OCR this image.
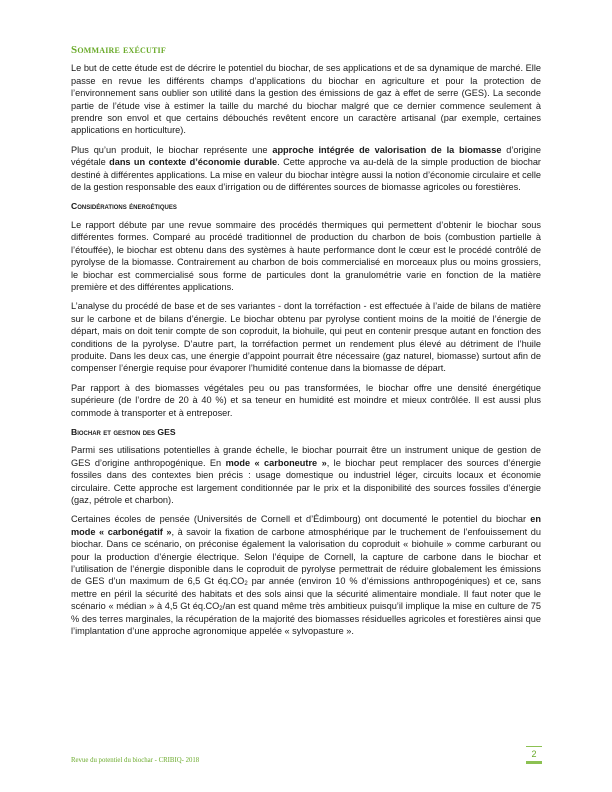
Sommaire exécutif

Le but de cette étude est de décrire le potentiel du biochar, de ses applications et de sa dynamique de marché. Elle passe en revue les différents champs d’applications du biochar en agriculture et pour la protection de l’environnement sans oublier son utilité dans la gestion des émissions de gaz à effet de serre (GES). La seconde partie de l’étude vise à estimer la taille du marché du biochar malgré que ce dernier commence seulement à prendre son envol et que certains débouchés revêtent encore un caractère artisanal (par exemple, certaines applications en horticulture).

Plus qu’un produit, le biochar représente une approche intégrée de valorisation de la biomasse d’origine végétale dans un contexte d’économie durable. Cette approche va au-delà de la simple production de biochar destiné à différentes applications. La mise en valeur du biochar intègre aussi la notion d’économie circulaire et celle de la gestion responsable des eaux d’irrigation ou de différentes sources de biomasse agricoles ou forestières.

Considérations énergétiques

Le rapport débute par une revue sommaire des procédés thermiques qui permettent d’obtenir le biochar sous différentes formes. Comparé au procédé traditionnel de production du charbon de bois (combustion partielle à l’étouffée), le biochar est obtenu dans des systèmes à haute performance dont le cœur est le procédé contrôlé de pyrolyse de la biomasse. Contrairement au charbon de bois commercialisé en morceaux plus ou moins grossiers, le biochar est commercialisé sous forme de particules dont la granulométrie varie en fonction de la matière première et des différentes applications.

L’analyse du procédé de base et de ses variantes - dont la torréfaction - est effectuée à l’aide de bilans de matière sur le carbone et de bilans d’énergie. Le biochar obtenu par pyrolyse contient moins de la moitié de l’énergie de départ, mais on doit tenir compte de son coproduit, la biohuile, qui peut en contenir presque autant en fonction des conditions de la pyrolyse. D’autre part, la torréfaction permet un rendement plus élevé au détriment de l’huile produite. Dans les deux cas, une énergie d’appoint pourrait être nécessaire (gaz naturel, biomasse) surtout afin de compenser l’énergie requise pour évaporer l’humidité contenue dans la biomasse de départ.

Par rapport à des biomasses végétales peu ou pas transformées, le biochar offre une densité énergétique supérieure (de l’ordre de 20 à 40 %) et sa teneur en humidité est moindre et mieux contrôlée. Il est aussi plus commode à transporter et à entreposer.

Biochar et gestion des GES

Parmi ses utilisations potentielles à grande échelle, le biochar pourrait être un instrument unique de gestion de GES d’origine anthropogénique. En mode « carboneutre », le biochar peut remplacer des sources d’énergie fossiles dans des contextes bien précis : usage domestique ou industriel léger, circuits locaux et économie circulaire. Cette approche est largement conditionnée par le prix et la disponibilité des sources fossiles d’énergie (gaz, pétrole et charbon).

Certaines écoles de pensée (Universités de Cornell et d’Édimbourg) ont documenté le potentiel du biochar en mode « carbonégatif », à savoir la fixation de carbone atmosphérique par le truchement de l’enfouissement du biochar. Dans ce scénario, on préconise également la valorisation du coproduit « biohuile » comme carburant ou pour la production d’énergie électrique. Selon l’équipe de Cornell, la capture de carbone dans le biochar et l’utilisation de l’énergie disponible dans le coproduit de pyrolyse permettrait de réduire globalement les émissions de GES d’un maximum de 6,5 Gt $éq.CO_2$ par année (environ 10 % d’émissions anthropogéniques) et ce, sans mettre en péril la sécurité des habitats et des sols ainsi que la sécurité alimentaire mondiale. Il faut noter que le scénario « médian » à 4,5 Gt $éq.CO_2/an$ est quand même très ambitieux puisqu’il implique la mise en culture de 75 % des terres marginales, la récupération de la majorité des biomasses résiduelles agricoles et forestières ainsi que l’implantation d’une approche agronomique appelée « sylvopasture ».

Revue du potentiel du biochar - CRIBIQ- 2018
2
